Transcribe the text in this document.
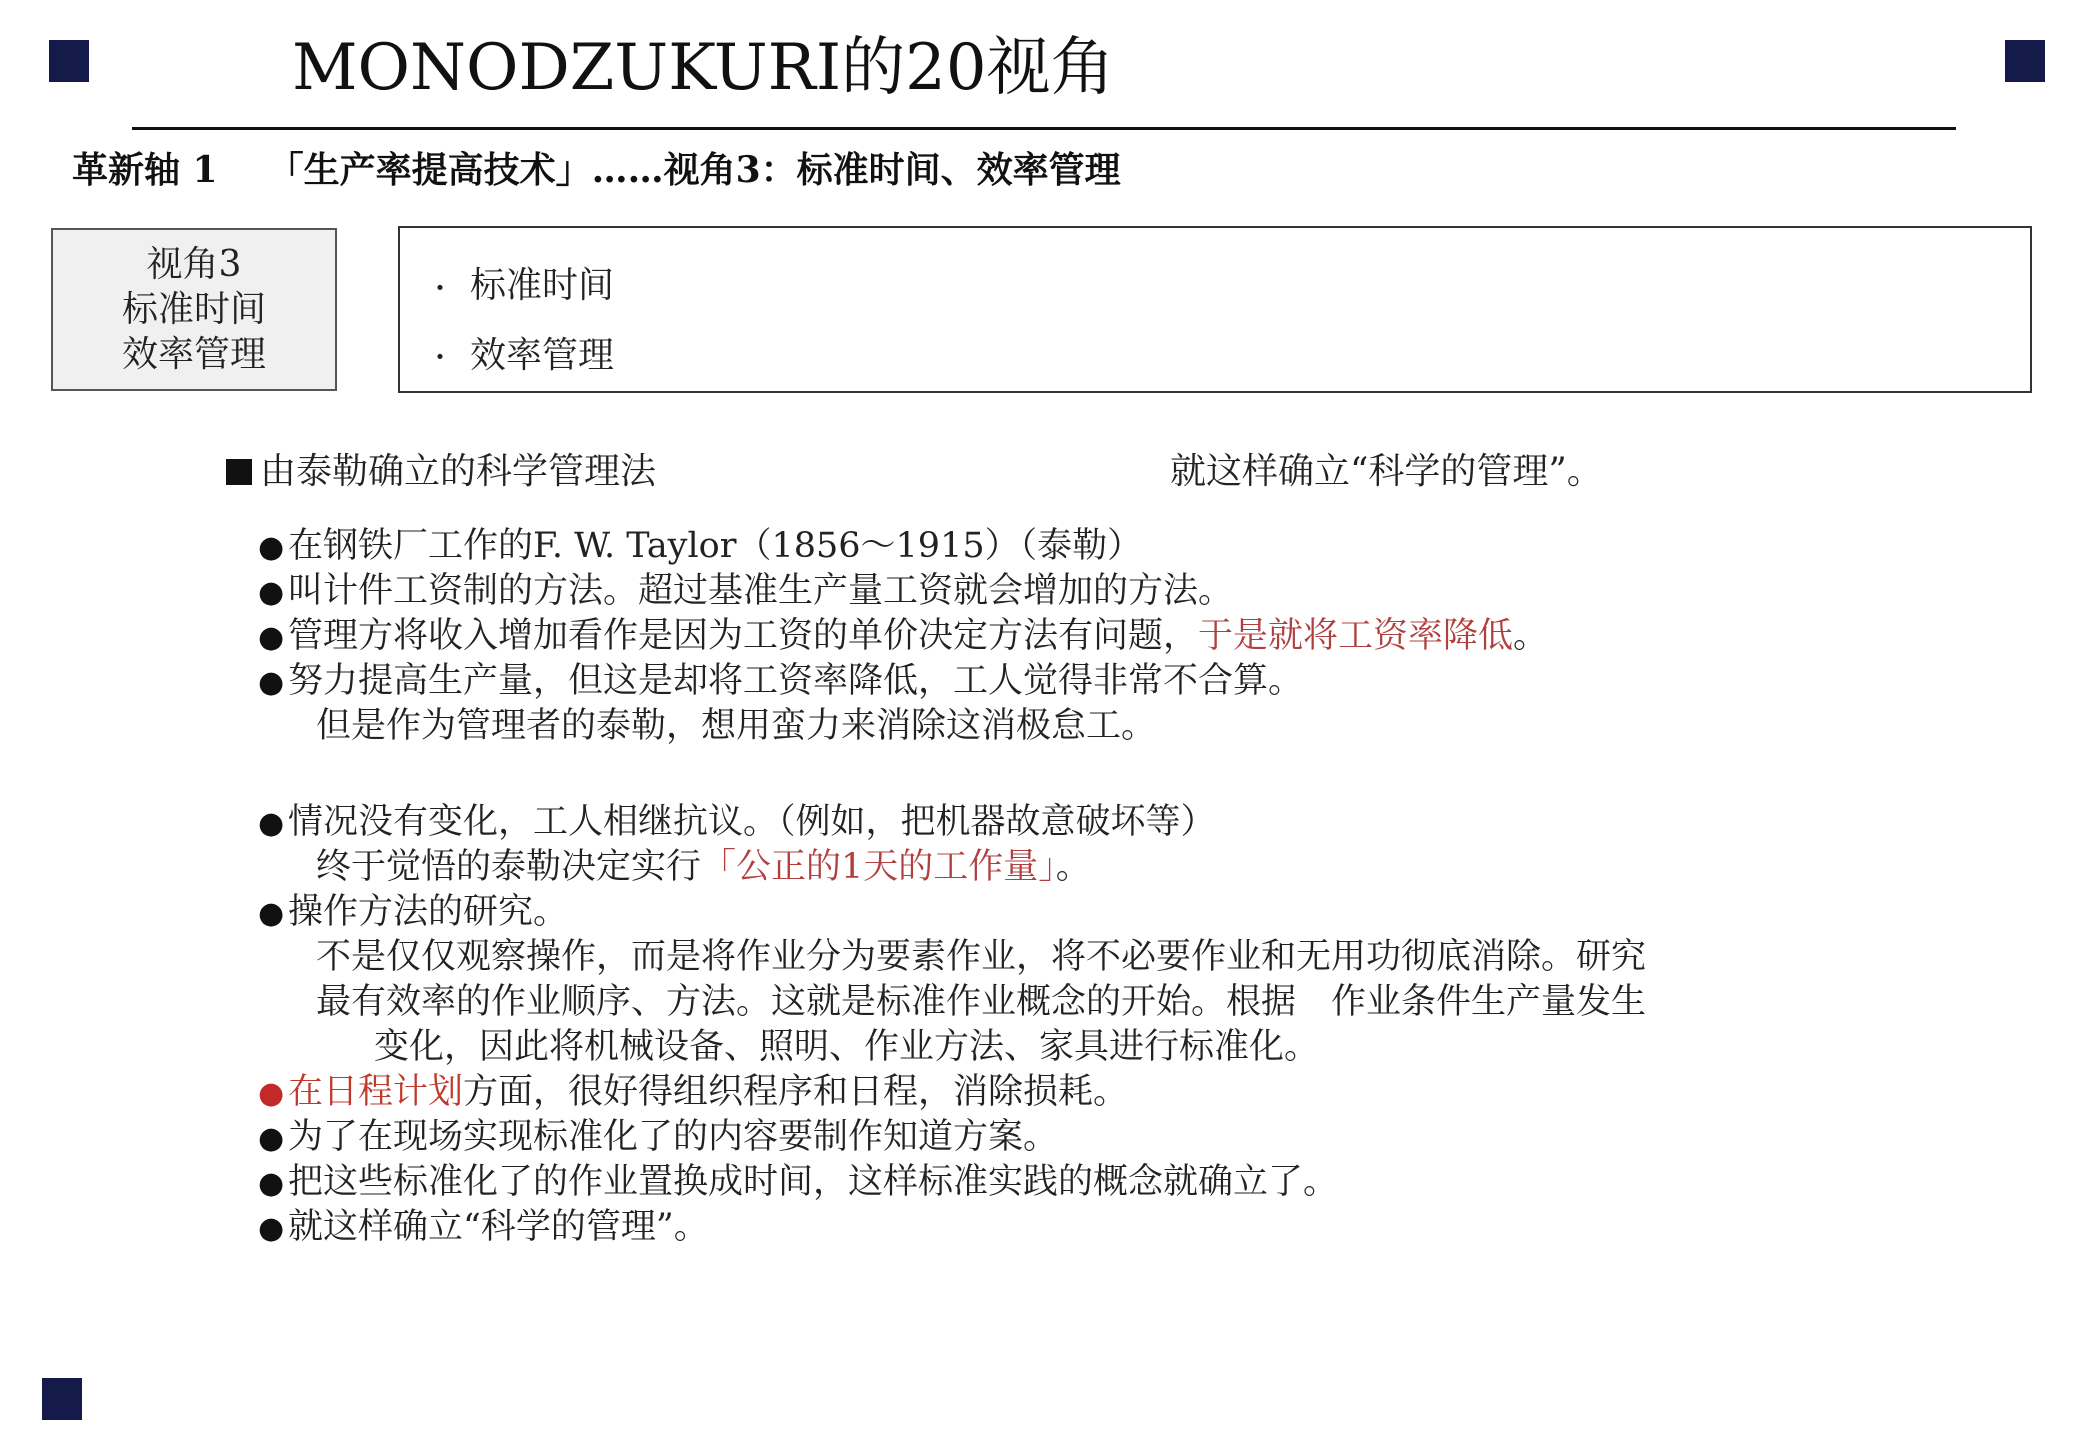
MONODZUKURI的20视角
革新轴 1 「生产率提高技术」……视角3：标准时间、效率管理
视角3
标准时间
效率管理
・ 标准时间
・ 效率管理
由泰勒确立的科学管理法	就这样确立“科学的管理”。
● 在钢铁厂工作的F. W. Taylor（1856～1915）（泰勒）
● 叫计件工资制的方法。超过基准生产量工资就会增加的方法。
● 管理方将收入增加看作是因为工资的单价决定方法有问题，于是就将工资率降低。
● 努力提高生产量，但这是却将工资率降低，工人觉得非常不合算。
但是作为管理者的泰勒，想用蛮力来消除这消极怠工。
● 情况没有变化，工人相继抗议。（例如，把机器故意破坏等）
终于觉悟的泰勒决定实行「公正的1天的工作量」。
● 操作方法的研究。
不是仅仅观察操作，而是将作业分为要素作业，将不必要作业和无用功彻底消除。研究
最有效率的作业顺序、方法。这就是标准作业概念的开始。根据　作业条件生产量发生
变化，因此将机械设备、照明、作业方法、家具进行标准化。
● 在日程计划方面，很好得组织程序和日程，消除损耗。
● 为了在现场实现标准化了的内容要制作知道方案。
● 把这些标准化了的作业置换成时间，这样标准实践的概念就确立了。
● 就这样确立“科学的管理”。
